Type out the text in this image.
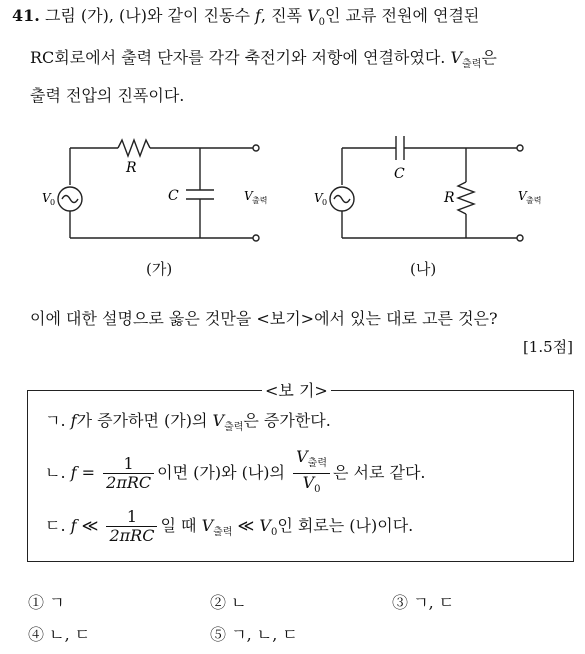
41. 그림 (가), (나)와 같이 진동수 f, 진폭 $V_0$인 교류 전원에 연결된
RC회로에서 출력 단자를 각각 축전기와 저항에 연결하였다. $V_{출력}$은
출력 전압의 진폭이다.
R
C
V 0	V 출력
(가)
C
R
V 0	V 출력
(나)
이에 대한 설명으로 옳은 것만을 <보기>에서 있는 대로 고른 것은?
[1.5점]
<보 기>
ㄱ. f가 증가하면 (가)의 $V_{출력}$은 증가한다.
ㄴ. $f = \frac{1}{\text{2πRC}}$ 이면 (가)와 (나)의 $\frac{V_{출력}}{V_0}$ 은 서로 같다.
ㄷ. f ≪ $\frac{1}{\text{2πRC}}$ 일 때 $V_{출력}$ ≪ $V_0$인 회로는 (나)이다.
① ㄱ	② ㄴ	③ ㄱ, ㄷ
④ ㄴ, ㄷ	⑤ ㄱ, ㄴ, ㄷ
